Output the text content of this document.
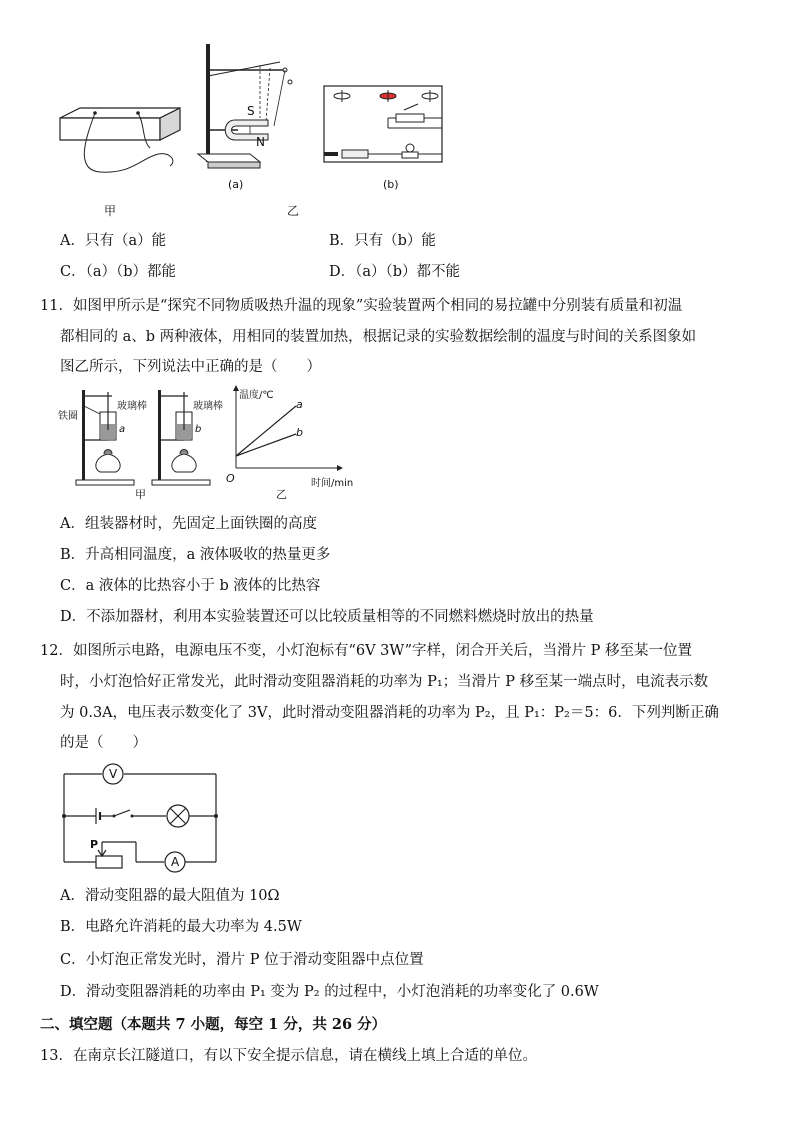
S
N
(a)	(b)
甲	乙
A．只有（a）能	B．只有（b）能
C．（a）（b）都能	D．（a）（b）都不能
11．如图甲所示是“探究不同物质吸热升温的现象”实验装置两个相同的易拉罐中分别装有质量和初温
都相同的 a、b 两种液体，用相同的装置加热，根据记录的实验数据绘制的温度与时间的关系图象如
图乙所示，下列说法中正确的是（　　）
铁圈
玻璃棒	玻璃棒
a	b
甲
温度/℃
时间/min
O
a
b
乙
A．组装器材时，先固定上面铁圈的高度
B．升高相同温度，a 液体吸收的热量更多
C．a 液体的比热容小于 b 液体的比热容
D．不添加器材，利用本实验装置还可以比较质量相等的不同燃料燃烧时放出的热量
12．如图所示电路，电源电压不变，小灯泡标有“6V 3W”字样，闭合开关后，当滑片 P 移至某一位置
时，小灯泡恰好正常发光，此时滑动变阻器消耗的功率为 P₁；当滑片 P 移至某一端点时，电流表示数
为 0.3A，电压表示数变化了 3V，此时滑动变阻器消耗的功率为 P₂，且 P₁：P₂＝5：6．下列判断正确
的是（　　）
V
A
P
A．滑动变阻器的最大阻值为 10Ω
B．电路允许消耗的最大功率为 4.5W
C．小灯泡正常发光时，滑片 P 位于滑动变阻器中点位置
D．滑动变阻器消耗的功率由 P₁ 变为 P₂ 的过程中，小灯泡消耗的功率变化了 0.6W
二、填空题（本题共 7 小题，每空 1 分，共 26 分）
13．在南京长江隧道口，有以下安全提示信息，请在横线上填上合适的单位。
